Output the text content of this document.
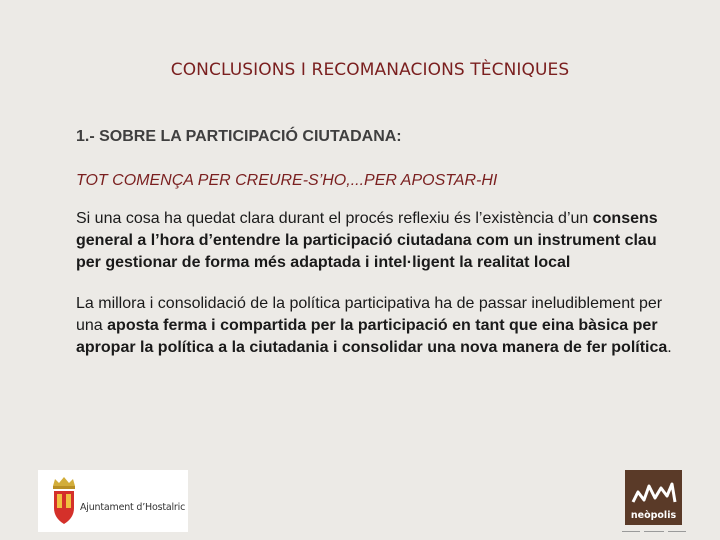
CONCLUSIONS I RECOMANACIONS TÈCNIQUES
1.- SOBRE LA PARTICIPACIÓ CIUTADANA:
TOT COMENÇA PER CREURE-S’HO,...PER APOSTAR-HI
Si una cosa ha quedat clara durant el procés reflexiu és l’existència d’un consens general a l’hora d’entendre la participació ciutadana com un instrument clau per gestionar de forma més adaptada i intel·ligent la realitat local
La millora i consolidació de la política participativa ha de passar ineludiblement per una aposta ferma i compartida per la participació en tant que eina bàsica per apropar la política a la ciutadania i consolidar una nova manera de fer política.
Ajuntament d’Hostalric
neòpolis
